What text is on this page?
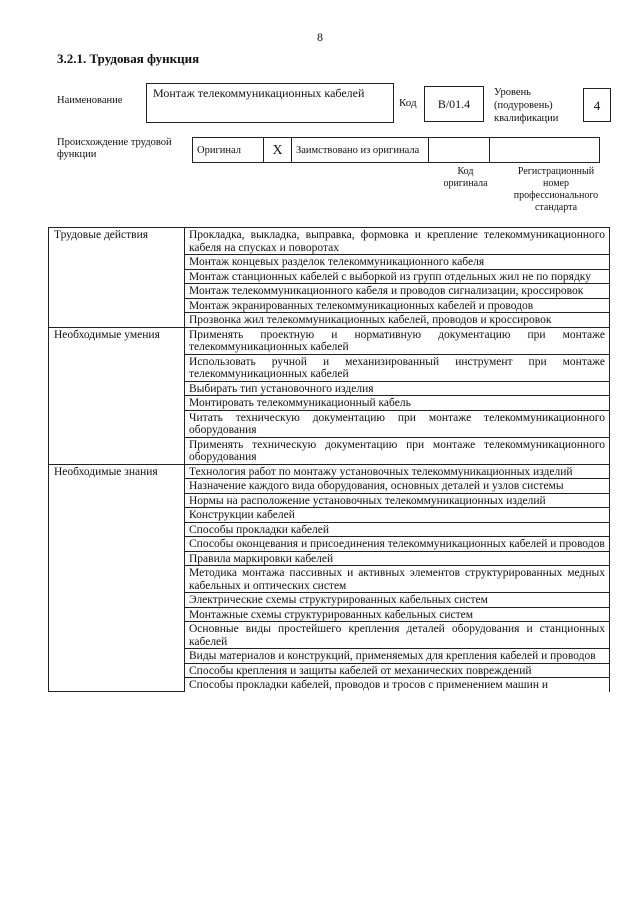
8
3.2.1. Трудовая функция
Наименование
Монтаж телекоммуникационных кабелей
Код	B/01.4
Уровень
(подуровень)
квалификации
4
Происхождение трудовой
функции	Оригинал	X	Заимствовано из оригинала		
Код
оригинала
Регистрационный
номер
профессионального
стандарта
Трудовые действия	Прокладка, выкладка, выправка, формовка и крепление телекоммуникационного кабеля на спусках и поворотах
	Монтаж концевых разделок телекоммуникационного кабеля
	Монтаж станционных кабелей с выборкой из групп отдельных жил не по порядку
	Монтаж телекоммуникационного кабеля и проводов сигнализации, кроссировок
	Монтаж экранированных телекоммуникационных кабелей и проводов
	Прозвонка жил телекоммуникационных кабелей, проводов и кроссировок
Необходимые умения	Применять проектную и нормативную документацию при монтаже телекоммуникационных кабелей
	Использовать ручной и механизированный инструмент при монтаже телекоммуникационных кабелей
	Выбирать тип установочного изделия
	Монтировать телекоммуникационный кабель
	Читать техническую документацию при монтаже телекоммуникационного оборудования
	Применять техническую документацию при монтаже телекоммуникационного оборудования
Необходимые знания	Технология работ по монтажу установочных телекоммуникационных изделий
	Назначение каждого вида оборудования, основных деталей и узлов системы
	Нормы на расположение установочных телекоммуникационных изделий
	Конструкции кабелей
	Способы прокладки кабелей
	Способы оконцевания и присоединения телекоммуникационных кабелей и проводов
	Правила маркировки кабелей
	Методика монтажа пассивных и активных элементов структурированных медных кабельных и оптических систем
	Электрические схемы структурированных кабельных систем
	Монтажные схемы структурированных кабельных систем
	Основные виды простейшего крепления деталей оборудования и станционных кабелей
	Виды материалов и конструкций, применяемых для крепления кабелей и проводов
	Способы крепления и защиты кабелей от механических повреждений
	Способы прокладки кабелей, проводов и тросов с применением машин и
